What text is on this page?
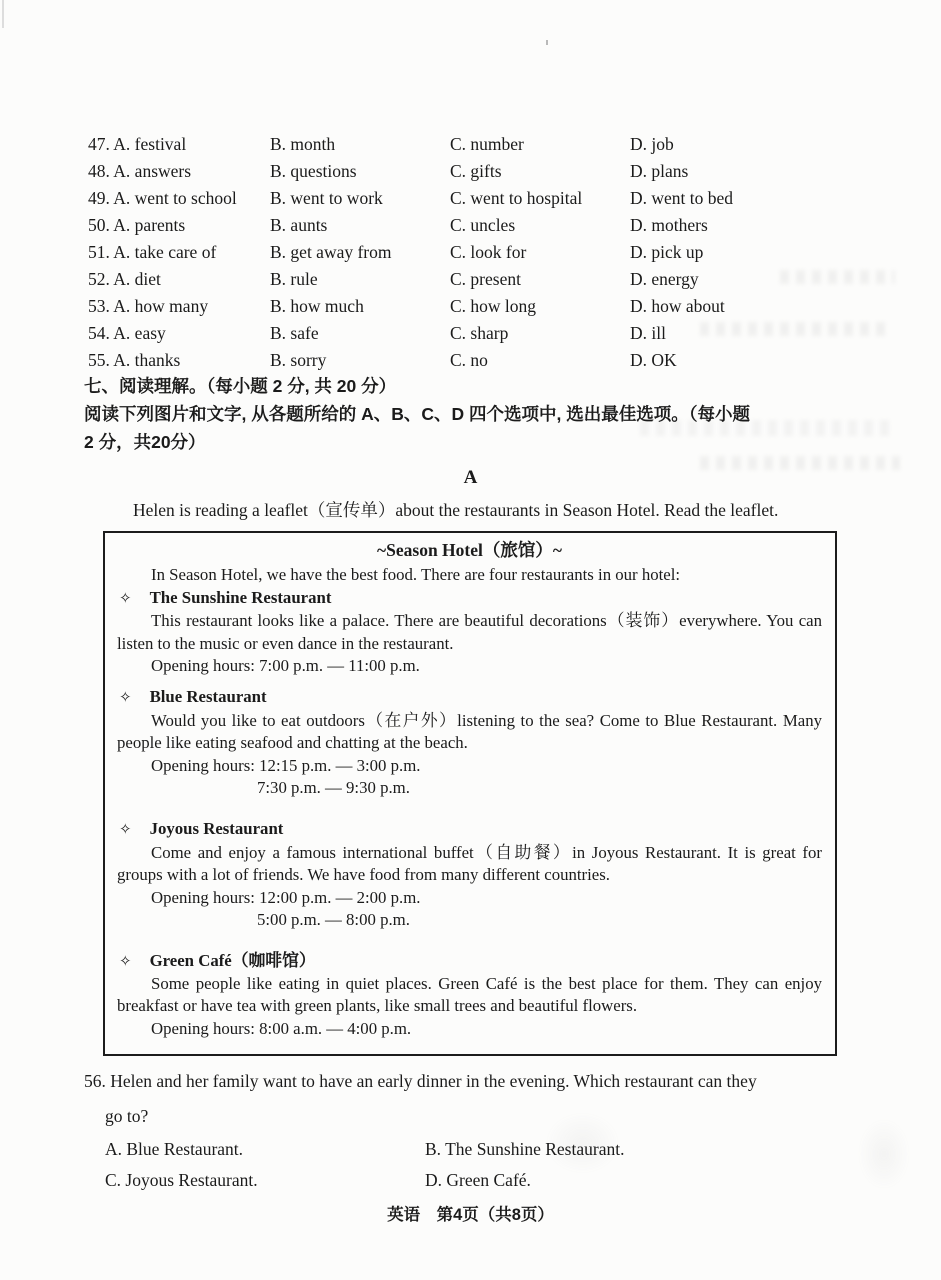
47. A. festival	B. month	C. number	D. job
48. A. answers	B. questions	C. gifts	D. plans
49. A. went to school	B. went to work	C. went to hospital	D. went to bed
50. A. parents	B. aunts	C. uncles	D. mothers
51. A. take care of	B. get away from	C. look for	D. pick up
52. A. diet	B. rule	C. present	D. energy
53. A. how many	B. how much	C. how long	D. how about
54. A. easy	B. safe	C. sharp	D. ill
55. A. thanks	B. sorry	C. no	D. OK
七、阅读理解。（每小题 2 分, 共 20 分）
阅读下列图片和文字, 从各题所给的 A、B、C、D 四个选项中, 选出最佳选项。（每小题
2 分，共20分）
A
Helen is reading a leaflet（宣传单）about the restaurants in Season Hotel. Read the leaflet.
~Season Hotel（旅馆）~
In Season Hotel, we have the best food. There are four restaurants in our hotel:
✧ The Sunshine Restaurant
This restaurant looks like a palace. There are beautiful decorations（装饰）everywhere. You can listen to the music or even dance in the restaurant.
Opening hours: 7:00 p.m. — 11:00 p.m.
✧ Blue Restaurant
Would you like to eat outdoors（在户外）listening to the sea? Come to Blue Restaurant. Many people like eating seafood and chatting at the beach.
Opening hours: 12:15 p.m. — 3:00 p.m.
7:30 p.m. — 9:30 p.m.
✧ Joyous Restaurant
Come and enjoy a famous international buffet（自助餐）in Joyous Restaurant. It is great for groups with a lot of friends. We have food from many different countries.
Opening hours: 12:00 p.m. — 2:00 p.m.
5:00 p.m. — 8:00 p.m.
✧ Green Café（咖啡馆）
Some people like eating in quiet places. Green Café is the best place for them. They can enjoy breakfast or have tea with green plants, like small trees and beautiful flowers.
Opening hours: 8:00 a.m. — 4:00 p.m.
56. Helen and her family want to have an early dinner in the evening. Which restaurant can they
go to?
A. Blue Restaurant.	B. The Sunshine Restaurant.
C. Joyous Restaurant.	D. Green Café.
英语　第4页（共8页）
